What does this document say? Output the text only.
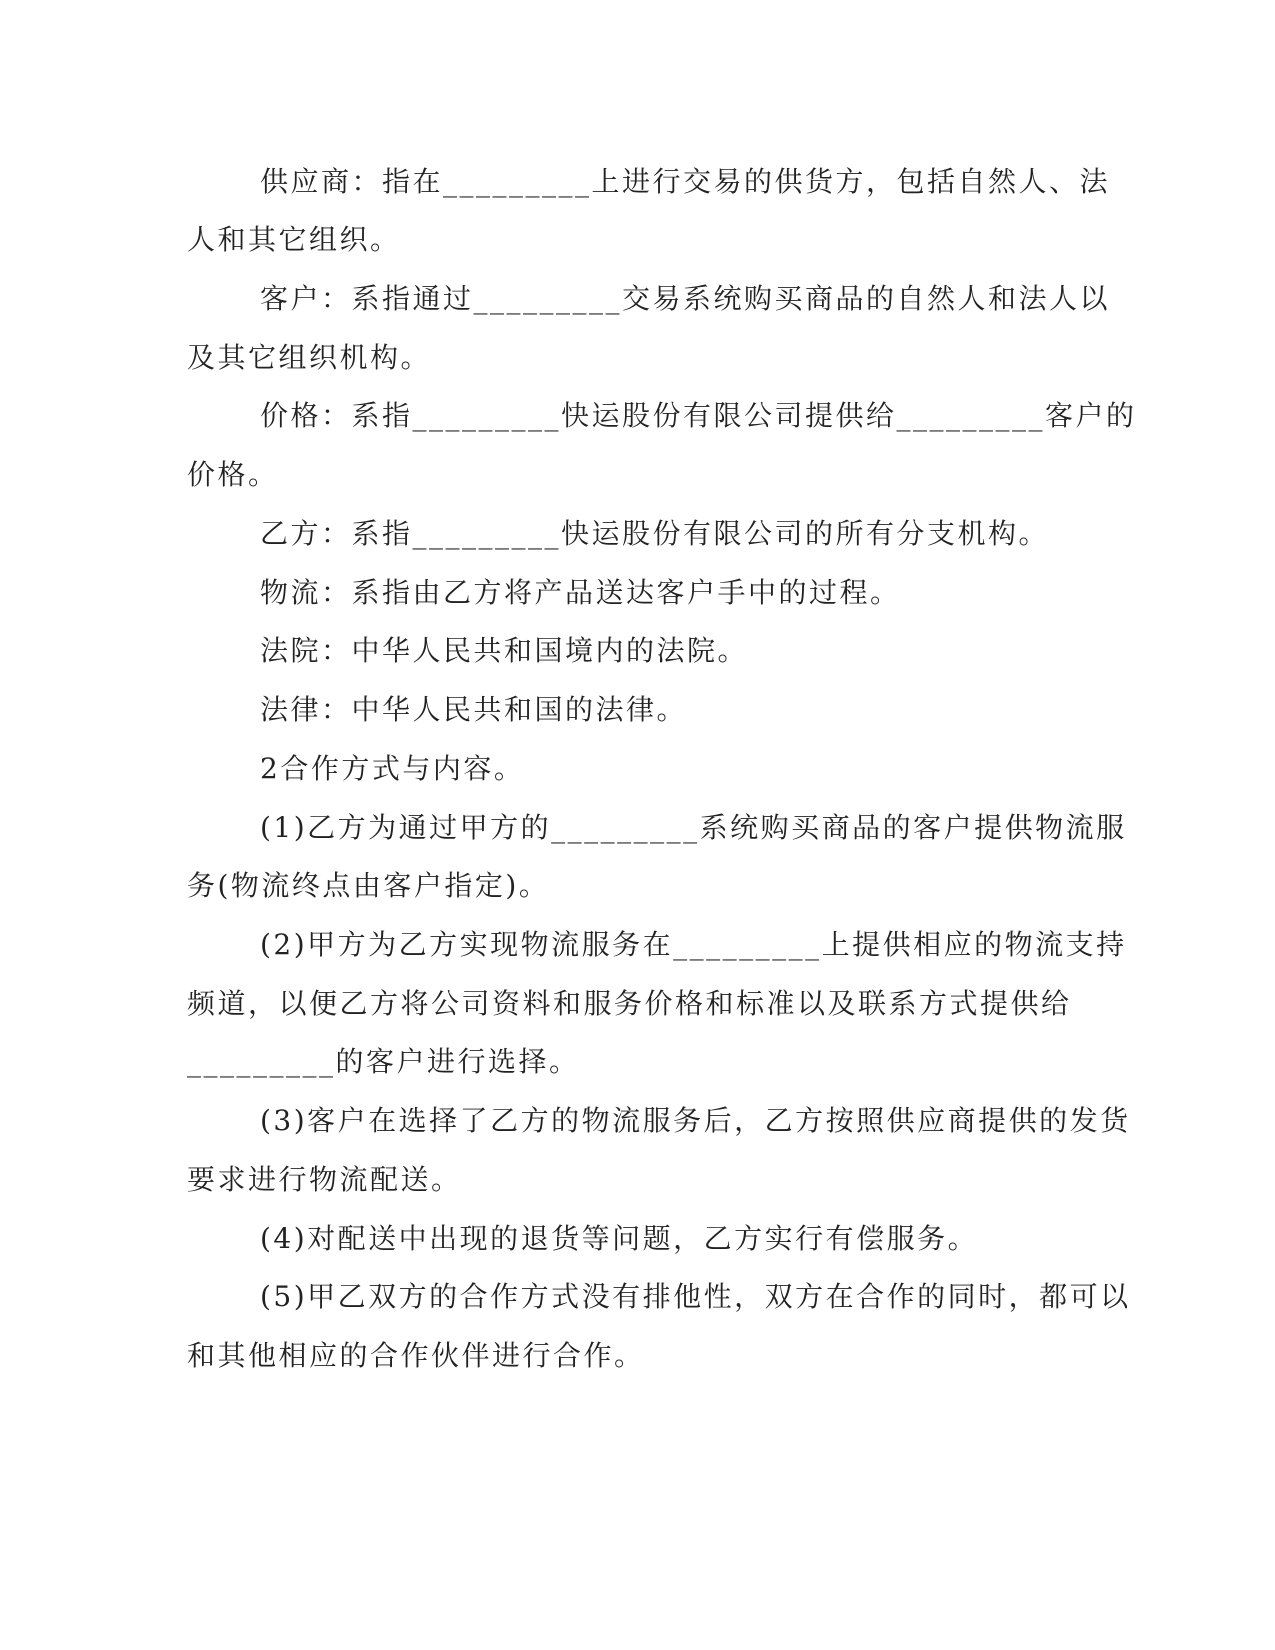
供应商：指在_________上进行交易的供货方，包括自然人、法
人和其它组织。
客户：系指通过_________交易系统购买商品的自然人和法人以
及其它组织机构。
价格：系指_________快运股份有限公司提供给_________客户的
价格。
乙方：系指_________快运股份有限公司的所有分支机构。
物流：系指由乙方将产品送达客户手中的过程。
法院：中华人民共和国境内的法院。
法律：中华人民共和国的法律。
2合作方式与内容。
(1)乙方为通过甲方的_________系统购买商品的客户提供物流服
务(物流终点由客户指定)。
(2)甲方为乙方实现物流服务在_________上提供相应的物流支持
频道，以便乙方将公司资料和服务价格和标准以及联系方式提供给
_________的客户进行选择。
(3)客户在选择了乙方的物流服务后，乙方按照供应商提供的发货
要求进行物流配送。
(4)对配送中出现的退货等问题，乙方实行有偿服务。
(5)甲乙双方的合作方式没有排他性，双方在合作的同时，都可以
和其他相应的合作伙伴进行合作。
